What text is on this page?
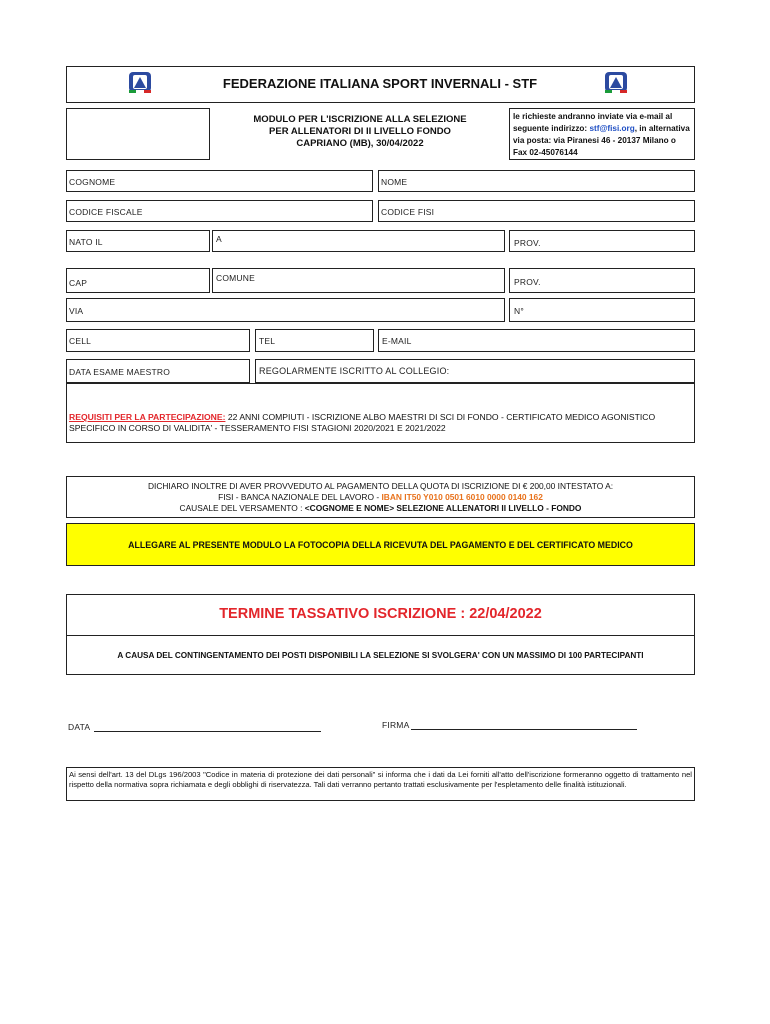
FEDERAZIONE ITALIANA SPORT INVERNALI - STF
MODULO PER L'ISCRIZIONE ALLA SELEZIONE
PER ALLENATORI DI II LIVELLO FONDO
CAPRIANO (MB), 30/04/2022
le richieste andranno inviate via e-mail al seguente indirizzo: stf@fisi.org, in alternativa via posta: via Piranesi 46 - 20137 Milano o Fax 02-45076144
COGNOME	NOME
CODICE FISCALE	CODICE FISI
NATO IL	A	PROV.
CAP	COMUNE	PROV.
VIA	N°
CELL	TEL	E-MAIL
DATA ESAME MAESTRO	REGOLARMENTE ISCRITTO AL COLLEGIO:
REQUISITI PER LA PARTECIPAZIONE: 22 ANNI COMPIUTI - ISCRIZIONE ALBO MAESTRI DI SCI DI FONDO - CERTIFICATO MEDICO AGONISTICO SPECIFICO IN CORSO DI VALIDITA' - TESSERAMENTO FISI STAGIONI 2020/2021 E 2021/2022
DICHIARO INOLTRE DI AVER PROVVEDUTO AL PAGAMENTO DELLA QUOTA DI ISCRIZIONE DI € 200,00 INTESTATO A:
FISI - BANCA NAZIONALE DEL LAVORO - IBAN IT50 Y010 0501 6010 0000 0140 162
CAUSALE DEL VERSAMENTO : <COGNOME E NOME> SELEZIONE ALLENATORI II LIVELLO - FONDO
ALLEGARE AL PRESENTE MODULO LA FOTOCOPIA DELLA RICEVUTA DEL PAGAMENTO E DEL CERTIFICATO MEDICO
TERMINE TASSATIVO ISCRIZIONE : 22/04/2022
A CAUSA DEL CONTINGENTAMENTO DEI POSTI DISPONIBILI LA SELEZIONE SI SVOLGERA' CON UN MASSIMO DI 100 PARTECIPANTI
DATA	FIRMA
Ai sensi dell'art. 13 del DLgs 196/2003 "Codice in materia di protezione dei dati personali" si informa che i dati da Lei forniti all'atto dell'iscrizione formeranno oggetto di trattamento nel rispetto della normativa sopra richiamata e degli obblighi di riservatezza. Tali dati verranno pertanto trattati esclusivamente per l'espletamento delle finalità istituzionali.
